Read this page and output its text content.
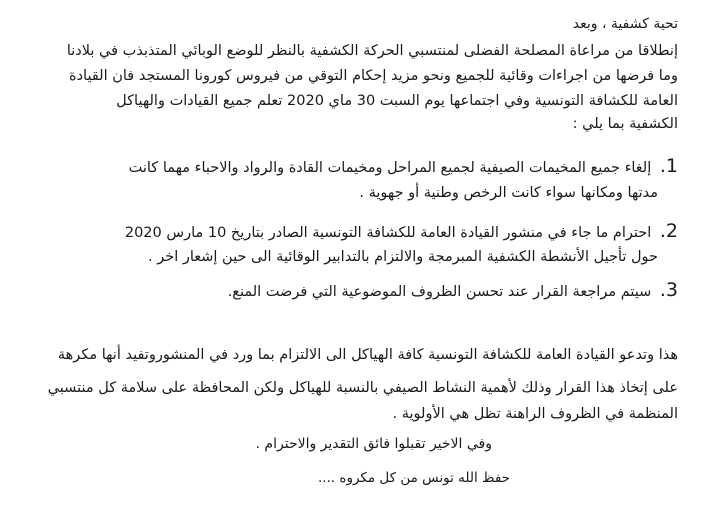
تحية كشفية ، وبعد
إنطلاقا من مراعاة المصلحة الفضلى لمنتسبي الحركة الكشفية بالنظر للوضع الوبائي المتذبذب في بلادنا
وما فرضها من اجراءات وقائية للجميع ونحو مزيد إحكام التوقي من فيروس كورونا المستجد فان القيادة
العامة للكشافة التونسية وفي اجتماعها يوم السبت 30 ماي 2020 تعلم جميع القيادات والهياكل
الكشفية بما يلي :
1. إلغاء جميع المخيمات الصيفية لجميع المراحل ومخيمات القادة والرواد والاحباء مهما كانت
مدتها ومكانها سواء كانت الرخص وطنية أو جهوية .
2. احترام ما جاء في منشور القيادة العامة للكشافة التونسية الصادر بتاريخ 10 مارس 2020
حول تأجيل الأنشطة الكشفية المبرمجة والالتزام بالتدابير الوقائية الى حين إشعار اخر .
3. سيتم مراجعة القرار عند تحسن الظروف الموضوعية التي فرضت المنع.
هذا وتدعو القيادة العامة للكشافة التونسية كافة الهياكل الى الالتزام بما ورد في المنشوروتفيد أنها مكرهة
على إتخاذ هذا القرار وذلك لأهمية النشاط الصيفي بالنسبة للهياكل ولكن المحافظة على سلامة كل منتسبي
المنظمة في الظروف الراهنة تظل هي الأولوية .
وفي الاخير تقبلوا فائق التقدير والاحترام .
حفظ الله تونس من كل مكروه ....
